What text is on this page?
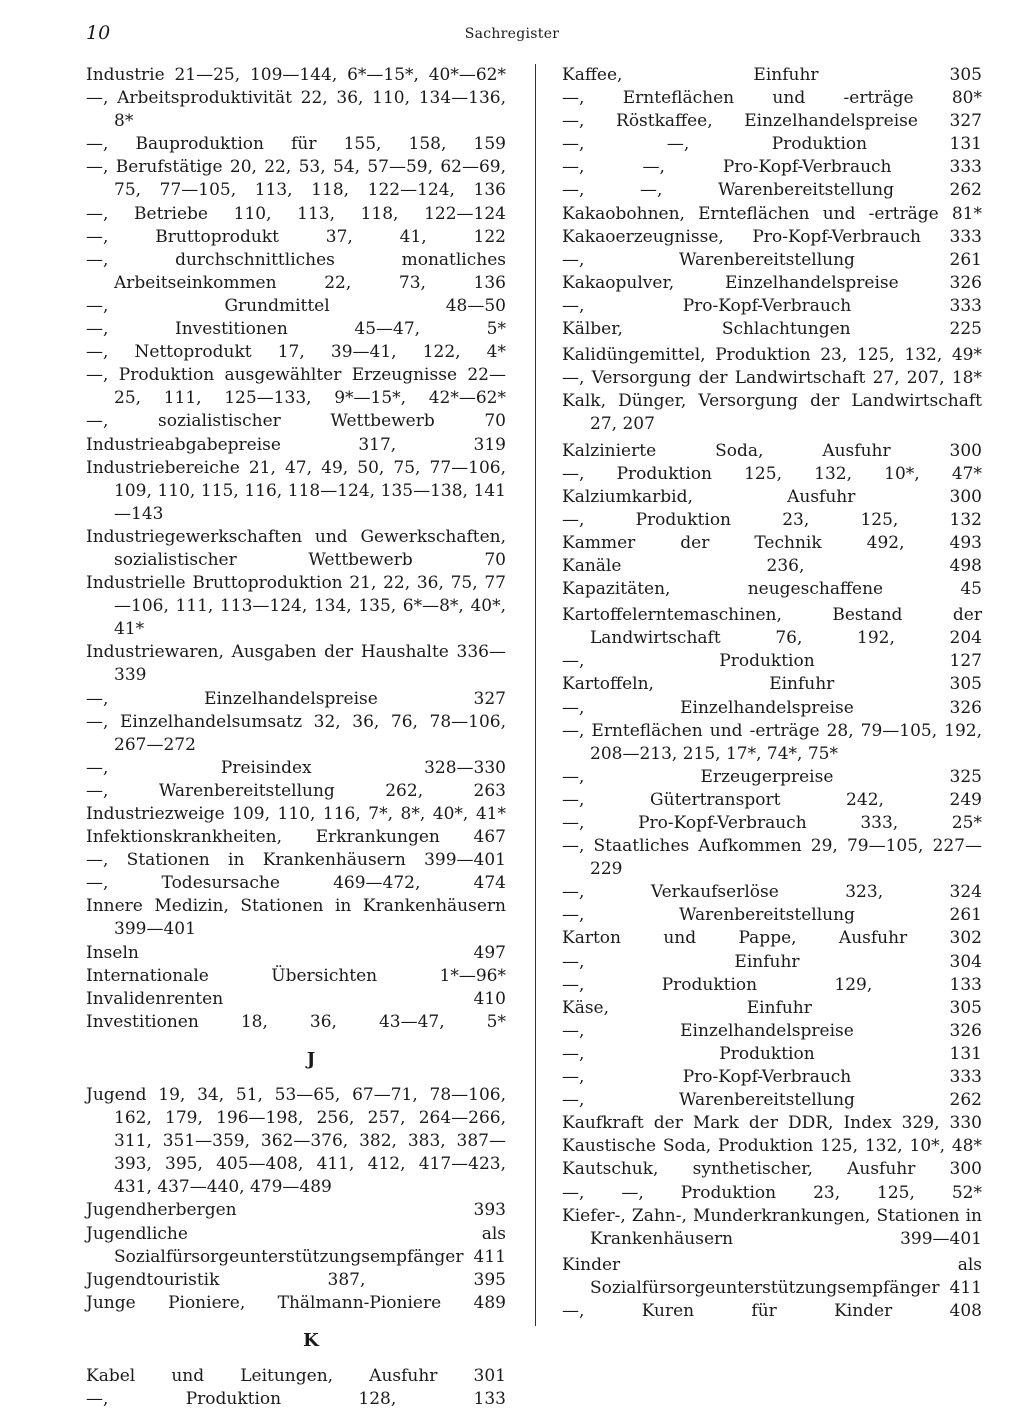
10	Sachregister
Industrie 21—25, 109—144, 6*—15*, 40*—62*
—, Arbeitsproduktivität 22, 36, 110, 134—136, 8*
—, Bauproduktion für 155, 158, 159
—, Berufstätige 20, 22, 53, 54, 57—59, 62—69, 75, 77—105, 113, 118, 122—124, 136
—, Betriebe 110, 113, 118, 122—124
—, Bruttoprodukt 37, 41, 122
—, durchschnittliches monatliches Arbeitseinkommen 22, 73, 136
—, Grundmittel 48—50
—, Investitionen 45—47, 5*
—, Nettoprodukt 17, 39—41, 122, 4*
—, Produktion ausgewählter Erzeugnisse 22—25, 111, 125—133, 9*—15*, 42*—62*
—, sozialistischer Wettbewerb 70
Industrieabgabepreise 317, 319
Industriebereiche 21, 47, 49, 50, 75, 77—106, 109, 110, 115, 116, 118—124, 135—138, 141—143
Industriegewerkschaften und Gewerkschaften, sozialistischer Wettbewerb 70
Industrielle Bruttoproduktion 21, 22, 36, 75, 77—106, 111, 113—124, 134, 135, 6*—8*, 40*, 41*
Industriewaren, Ausgaben der Haushalte 336—339
—, Einzelhandelspreise 327
—, Einzelhandelsumsatz 32, 36, 76, 78—106, 267—272
—, Preisindex 328—330
—, Warenbereitstellung 262, 263
Industriezweige 109, 110, 116, 7*, 8*, 40*, 41*
Infektionskrankheiten, Erkrankungen 467
—, Stationen in Krankenhäusern 399—401
—, Todesursache 469—472, 474
Innere Medizin, Stationen in Krankenhäusern 399—401
Inseln 497
Internationale Übersichten 1*—96*
Invalidenrenten 410
Investitionen 18, 36, 43—47, 5*
J
Jugend 19, 34, 51, 53—65, 67—71, 78—106, 162, 179, 196—198, 256, 257, 264—266, 311, 351—359, 362—376, 382, 383, 387—393, 395, 405—408, 411, 412, 417—423, 431, 437—440, 479—489
Jugendherbergen 393
Jugendliche als Sozialfürsorgeunterstützungsempfänger 411
Jugendtouristik 387, 395
Junge Pioniere, Thälmann-Pioniere 489
K
Kabel und Leitungen, Ausfuhr 301
—, Produktion 128, 133
Kaffee, Einfuhr 305
—, Ernteflächen und -erträge 80*
—, Röstkaffee, Einzelhandelspreise 327
—, —, Produktion 131
—, —, Pro-Kopf-Verbrauch 333
—, —, Warenbereitstellung 262
Kakaobohnen, Ernteflächen und -erträge 81*
Kakaoerzeugnisse, Pro-Kopf-Verbrauch 333
—, Warenbereitstellung 261
Kakaopulver, Einzelhandelspreise 326
—, Pro-Kopf-Verbrauch 333
Kälber, Schlachtungen 225
Kalidüngemittel, Produktion 23, 125, 132, 49*
—, Versorgung der Landwirtschaft 27, 207, 18*
Kalk, Dünger, Versorgung der Landwirtschaft 27, 207
Kalzinierte Soda, Ausfuhr 300
—, Produktion 125, 132, 10*, 47*
Kalziumkarbid, Ausfuhr 300
—, Produktion 23, 125, 132
Kammer der Technik 492, 493
Kanäle 236, 498
Kapazitäten, neugeschaffene 45
Kartoffelerntemaschinen, Bestand der Landwirtschaft 76, 192, 204
—, Produktion 127
Kartoffeln, Einfuhr 305
—, Einzelhandelspreise 326
—, Ernteflächen und -erträge 28, 79—105, 192, 208—213, 215, 17*, 74*, 75*
—, Erzeugerpreise 325
—, Gütertransport 242, 249
—, Pro-Kopf-Verbrauch 333, 25*
—, Staatliches Aufkommen 29, 79—105, 227—229
—, Verkaufserlöse 323, 324
—, Warenbereitstellung 261
Karton und Pappe, Ausfuhr 302
—, Einfuhr 304
—, Produktion 129, 133
Käse, Einfuhr 305
—, Einzelhandelspreise 326
—, Produktion 131
—, Pro-Kopf-Verbrauch 333
—, Warenbereitstellung 262
Kaufkraft der Mark der DDR, Index 329, 330
Kaustische Soda, Produktion 125, 132, 10*, 48*
Kautschuk, synthetischer, Ausfuhr 300
—, —, Produktion 23, 125, 52*
Kiefer-, Zahn-, Munderkrankungen, Stationen in Krankenhäusern 399—401
Kinder als Sozialfürsorgeunterstützungsempfänger 411
—, Kuren für Kinder 408
